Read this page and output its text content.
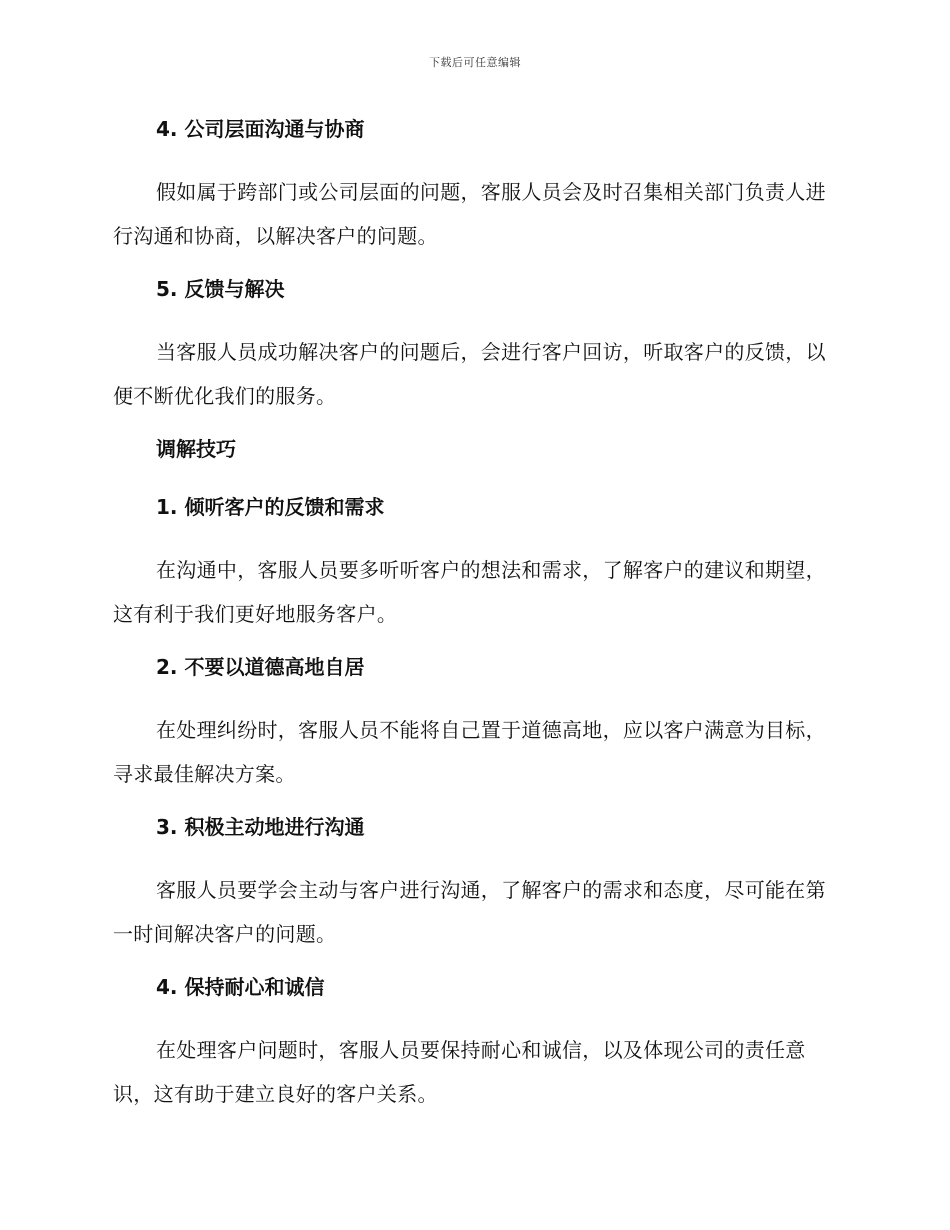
下载后可任意编辑
4. 公司层面沟通与协商
假如属于跨部门或公司层面的问题，客服人员会及时召集相关部门负责人进行沟通和协商，以解决客户的问题。
5. 反馈与解决
当客服人员成功解决客户的问题后，会进行客户回访，听取客户的反馈，以便不断优化我们的服务。
调解技巧
1. 倾听客户的反馈和需求
在沟通中，客服人员要多听听客户的想法和需求，了解客户的建议和期望，这有利于我们更好地服务客户。
2. 不要以道德高地自居
在处理纠纷时，客服人员不能将自己置于道德高地，应以客户满意为目标，寻求最佳解决方案。
3. 积极主动地进行沟通
客服人员要学会主动与客户进行沟通，了解客户的需求和态度，尽可能在第一时间解决客户的问题。
4. 保持耐心和诚信
在处理客户问题时，客服人员要保持耐心和诚信，以及体现公司的责任意识，这有助于建立良好的客户关系。
